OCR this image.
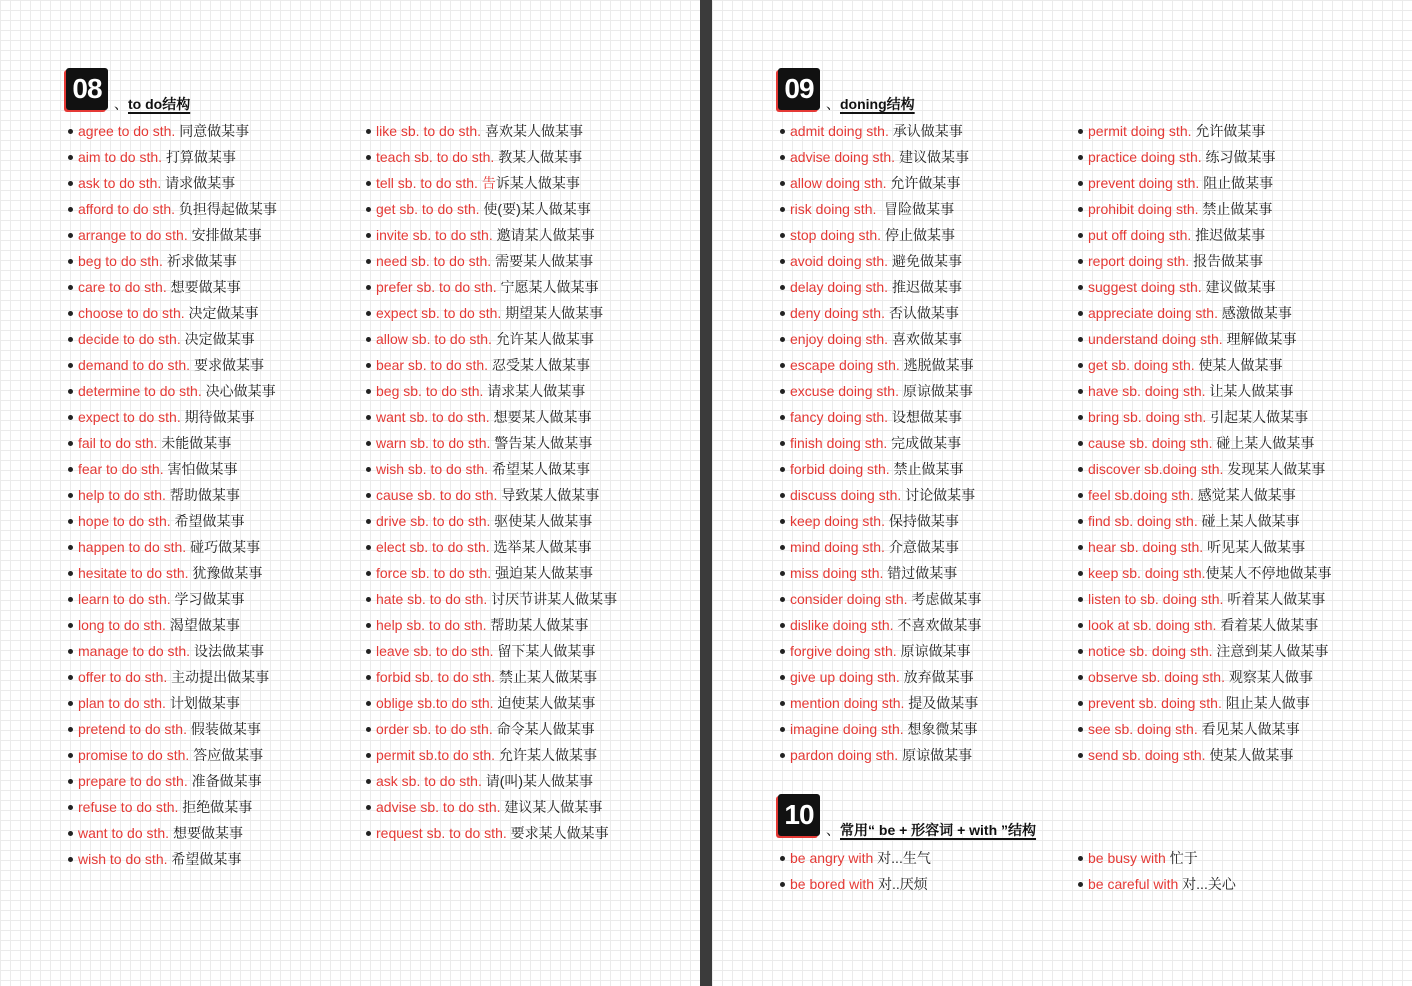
08 、to do结构
agree to do sth. 同意做某事
aim to do sth. 打算做某事
ask to do sth. 请求做某事
afford to do sth. 负担得起做某事
arrange to do sth. 安排做某事
beg to do sth. 祈求做某事
care to do sth. 想要做某事
choose to do sth. 决定做某事
decide to do sth. 决定做某事
demand to do sth. 要求做某事
determine to do sth. 决心做某事
expect to do sth. 期待做某事
fail to do sth. 未能做某事
fear to do sth. 害怕做某事
help to do sth. 帮助做某事
hope to do sth. 希望做某事
happen to do sth. 碰巧做某事
hesitate to do sth. 犹豫做某事
learn to do sth. 学习做某事
long to do sth. 渴望做某事
manage to do sth. 设法做某事
offer to do sth. 主动提出做某事
plan to do sth. 计划做某事
pretend to do sth. 假装做某事
promise to do sth. 答应做某事
prepare to do sth. 准备做某事
refuse to do sth. 拒绝做某事
want to do sth. 想要做某事
wish to do sth. 希望做某事
like sb. to do sth. 喜欢某人做某事
teach sb. to do sth. 教某人做某事
tell sb. to do sth. 告诉某人做某事
get sb. to do sth. 使(要)某人做某事
invite sb. to do sth. 邀请某人做某事
need sb. to do sth. 需要某人做某事
prefer sb. to do sth. 宁愿某人做某事
expect sb. to do sth. 期望某人做某事
allow sb. to do sth. 允许某人做某事
bear sb. to do sth. 忍受某人做某事
beg sb. to do sth. 请求某人做某事
want sb. to do sth. 想要某人做某事
warn sb. to do sth. 警告某人做某事
wish sb. to do sth. 希望某人做某事
cause sb. to do sth. 导致某人做某事
drive sb. to do sth. 驱使某人做某事
elect sb. to do sth. 选举某人做某事
force sb. to do sth. 强迫某人做某事
hate sb. to do sth. 讨厌节讲某人做某事
help sb. to do sth. 帮助某人做某事
leave sb. to do sth. 留下某人做某事
forbid sb. to do sth. 禁止某人做某事
oblige sb.to do sth. 迫使某人做某事
order sb. to do sth. 命令某人做某事
permit sb.to do sth. 允许某人做某事
ask sb. to do sth. 请(叫)某人做某事
advise sb. to do sth. 建议某人做某事
request sb. to do sth. 要求某人做某事
09 、doning结构
admit doing sth. 承认做某事
advise doing sth. 建议做某事
allow doing sth. 允许做某事
risk doing sth.  冒险做某事
stop doing sth. 停止做某事
avoid doing sth. 避免做某事
delay doing sth. 推迟做某事
deny doing sth. 否认做某事
enjoy doing sth. 喜欢做某事
escape doing sth. 逃脱做某事
excuse doing sth. 原谅做某事
fancy doing sth. 设想做某事
finish doing sth. 完成做某事
forbid doing sth. 禁止做某事
discuss doing sth. 讨论做某事
keep doing sth. 保持做某事
mind doing sth. 介意做某事
miss doing sth. 错过做某事
consider doing sth. 考虑做某事
dislike doing sth. 不喜欢做某事
forgive doing sth. 原谅做某事
give up doing sth. 放弃做某事
mention doing sth. 提及做某事
imagine doing sth. 想象微某事
pardon doing sth. 原谅做某事
permit doing sth. 允许做某事
practice doing sth. 练习做某事
prevent doing sth. 阻止做某事
prohibit doing sth. 禁止做某事
put off doing sth. 推迟做某事
report doing sth. 报告做某事
suggest doing sth. 建议做某事
appreciate doing sth. 感激做某事
understand doing sth. 理解做某事
get sb. doing sth. 使某人做某事
have sb. doing sth. 让某人做某事
bring sb. doing sth. 引起某人做某事
cause sb. doing sth. 碰上某人做某事
discover sb.doing sth. 发现某人做某事
feel sb.doing sth. 感觉某人做某事
find sb. doing sth. 碰上某人做某事
hear sb. doing sth. 听见某人做某事
keep sb. doing sth.使某人不停地做某事
listen to sb. doing sth. 听着某人做某事
look at sb. doing sth. 看着某人做某事
notice sb. doing sth. 注意到某人做某事
observe sb. doing sth. 观察某人做事
prevent sb. doing sth. 阻止某人做事
see sb. doing sth. 看见某人做某事
send sb. doing sth. 使某人做某事
10 、常用“ be + 形容词 + with ”结构
be angry with 对...生气
be bored with 对..厌烦
be busy with 忙于
be careful with 对...关心
